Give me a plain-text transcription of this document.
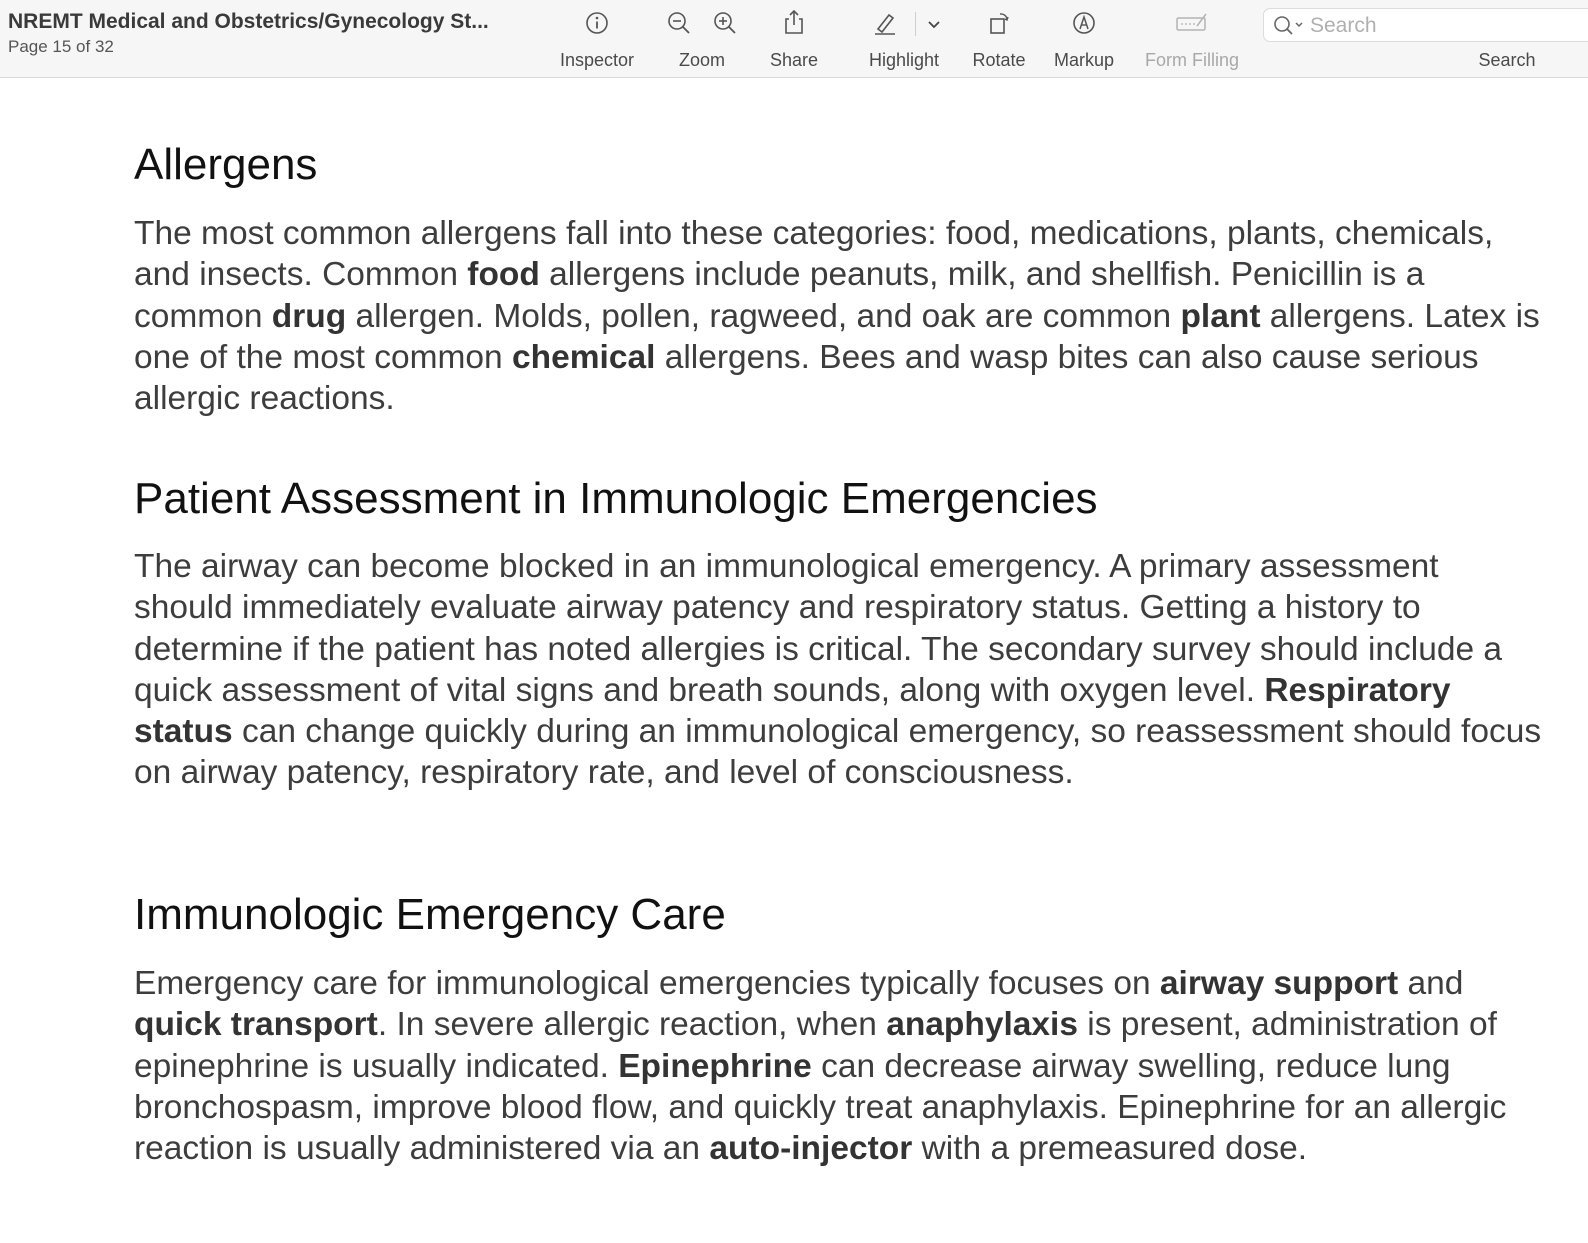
NREMT Medical and Obstetrics/Gynecology St...
Page 15 of 32
Inspector	Zoom	Share	Highlight	Rotate	Markup	Form Filling
Search	Search
Allergens

The most common allergens fall into these categories: food, medications, plants, chemicals, and insects. Common food allergens include peanuts, milk, and shellfish. Penicillin is a common drug allergen. Molds, pollen, ragweed, and oak are common plant allergens. Latex is one of the most common chemical allergens. Bees and wasp bites can also cause serious allergic reactions.

Patient Assessment in Immunologic Emergencies

The airway can become blocked in an immunological emergency. A primary assessment should immediately evaluate airway patency and respiratory status. Getting a history to determine if the patient has noted allergies is critical. The secondary survey should include a quick assessment of vital signs and breath sounds, along with oxygen level. Respiratory status can change quickly during an immunological emergency, so reassessment should focus on airway patency, respiratory rate, and level of consciousness.

Immunologic Emergency Care

Emergency care for immunological emergencies typically focuses on airway support and quick transport. In severe allergic reaction, when anaphylaxis is present, administration of epinephrine is usually indicated. Epinephrine can decrease airway swelling, reduce lung bronchospasm, improve blood flow, and quickly treat anaphylaxis. Epinephrine for an allergic reaction is usually administered via an auto-injector with a premeasured dose.
